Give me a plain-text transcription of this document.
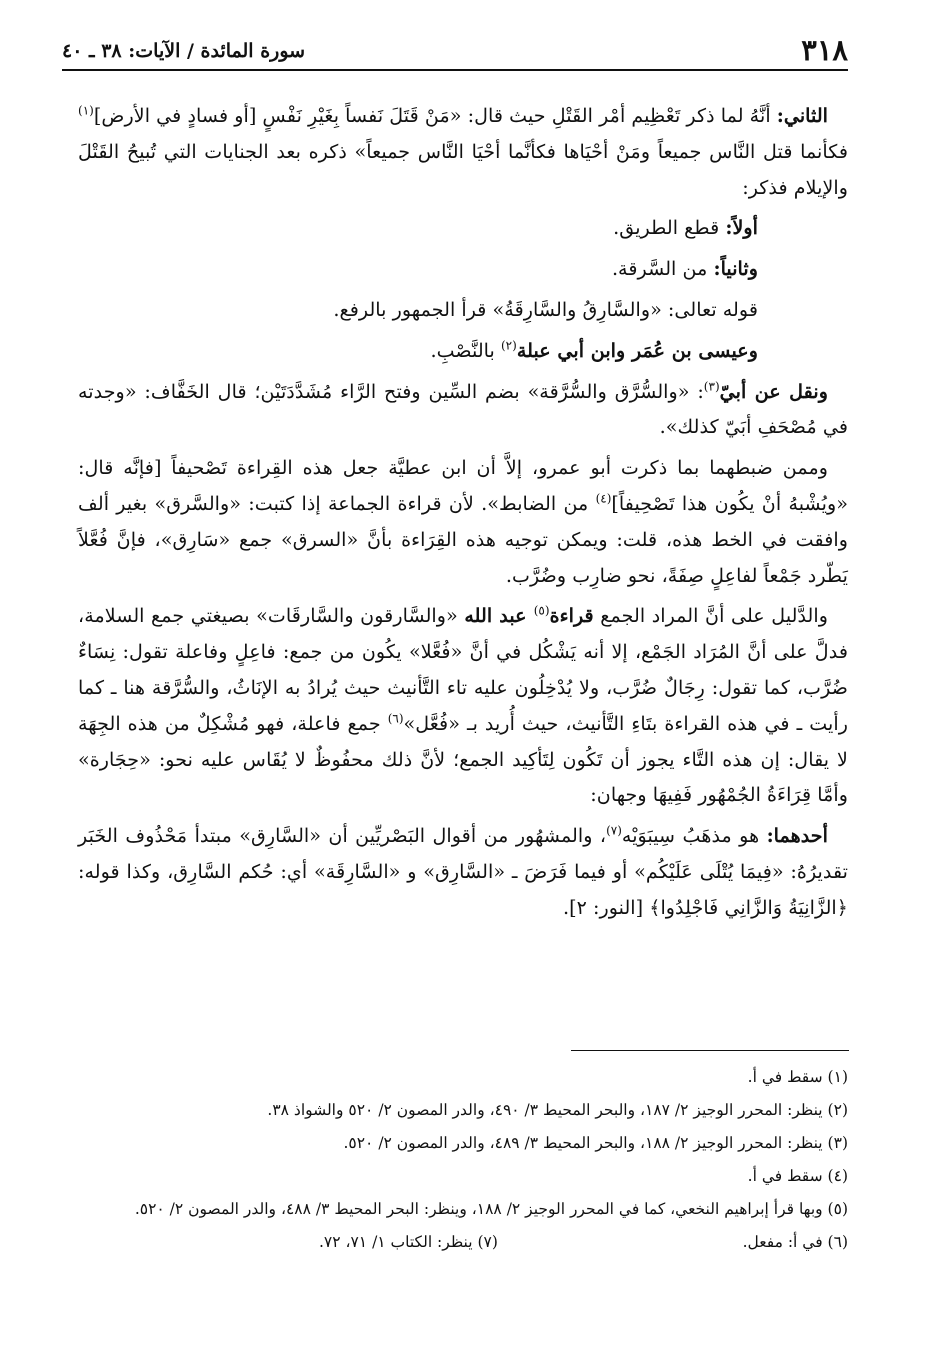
٣١٨
سورة المائدة / الآيات: ٣٨ ـ ٤٠

الثاني: أنَّهُ لما ذكر تَعْظِيم أمْر القَتْلِ حيث قال: «مَنْ قَتَلَ نَفساً بِغَيْرِ نَفْسٍ [أو فسادٍ في الأرض]$^{(١)}$ فكأنما قتل النَّاس جميعاً ومَنْ أحْيَاها فكأنَّما أحْيَا النَّاس جميعاً» ذكره بعد الجنايات التي تُبيحُ القَتْلَ والإيلام فذكر:

أولاً: قطع الطريق.

وثانياً: من السَّرقة.

قوله تعالى: «والسَّارِقُ والسَّارِقَةُ» قرأ الجمهور بالرفع.

وعيسى بن عُمَر وابن أبي عبلة$^{(٢)}$ بالنَّصْبِ.

ونقل عن أبيّ$^{(٣)}$: «والسُّرَّق والسُّرَّقة» بضم السِّين وفتح الرَّاء مُشَدَّدَتَيْن؛ قال الخَفَّاف: «وجدته في مُصْحَفِ أبَيّ كذلك».

وممن ضبطهما بما ذكرت أبو عمرو، إلاَّ أن ابن عطيَّة جعل هذه القِراءة تَصْحيفاً [فإنَّه قال: «ويُشْبهُ أنْ يكُون هذا تَصْحِيفاً]$^{(٤)}$ من الضابط». لأن قراءة الجماعة إذا كتبت: «والسَّرق» بغير ألف وافقت في الخط هذه، قلت: ويمكن توجيه هذه القِرَاءة بأنَّ «السرق» جمع «سَارِق»، فإنَّ فُعَّلاً يَطّرد جَمْعاً لفاعِلٍ صِفَةً، نحو ضارِب وضُرَّب.

والدَّليل على أنَّ المراد الجمع قراءة$^{(٥)}$ عبد الله «والسَّارقون والسَّارقَات» بصيغتي جمع السلامة، فدلَّ على أنَّ المُرَاد الجَمْع، إلا أنه يَشْكُل في أنَّ «فُعَّلا» يكُون من جمع: فاعِلٍ وفاعلة تقول: نِسَاءٌ ضُرَّب، كما تقول: رِجَالٌ ضُرَّب، ولا يُدْخِلُون عليه تاء التَّأنيث حيث يُرادُ به الإنَاثُ، والسُّرَّقة هنا ـ كما رأيت ـ في هذه القراءة بتَاءِ التَّأنيث، حيث أُريد بـ «فُعَّل»$^{(٦)}$ جمع فاعلة، فهو مُشْكِلٌ من هذه الجِهَة لا يقال: إن هذه التَّاء يجوز أن تَكُون لِتَأكِيد الجمع؛ لأنَّ ذلك محفُوظٌ لا يُقَاس عليه نحو: «حِجَارة» وأمَّا قِرَاءَةُ الجُمْهُور فَفِيهَا وجهان:

أحدهما: هو مذهَبُ سِيبَوَيْه$^{(٧)}$، والمشهُور من أقوال البَصْريِّين أن «السَّارِق» مبتدأ مَحْذُوف الخَبَر تقديرُهُ: «فِيمَا يُتْلَى عَلَيْكُم» أو فيما فَرَضَ ـ «السَّارِق» و «السَّارِقَة» أي: حُكم السَّارِق، وكذا قوله: ﴿الزَّانِيَةُ وَالزَّانِي فَاجْلِدُوا﴾ [النور: ٢].

(١) سقط في أ.

(٢) ينظر: المحرر الوجيز ٢/ ١٨٧، والبحر المحيط ٣/ ٤٩٠، والدر المصون ٢/ ٥٢٠ والشواذ ٣٨.

(٣) ينظر: المحرر الوجيز ٢/ ١٨٨، والبحر المحيط ٣/ ٤٨٩، والدر المصون ٢/ ٥٢٠.

(٤) سقط في أ.

(٥) وبها قرأ إبراهيم النخعي، كما في المحرر الوجيز ٢/ ١٨٨، وينظر: البحر المحيط ٣/ ٤٨٨، والدر المصون ٢/ ٥٢٠.

(٦) في أ: مفعل.
(٧) ينظر: الكتاب ١/ ٧١، ٧٢.
